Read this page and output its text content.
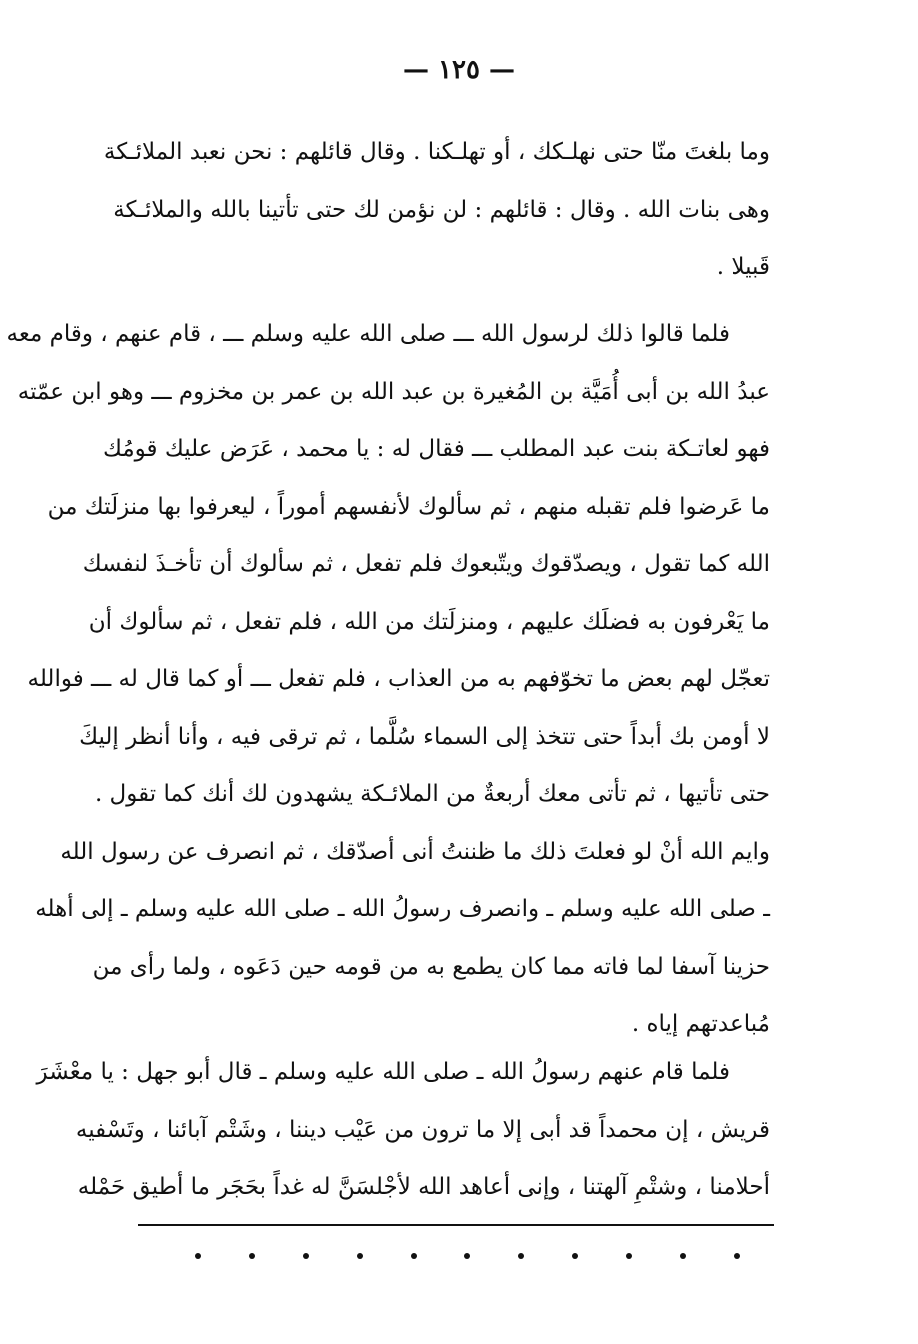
— ١٢٥ —
وما بلغتَ منّا حتى نهلـكك ، أو تهلـكنا . وقال قائلهم : نحن نعبد الملائـكة
وهى بنات الله . وقال : قائلهم : لن نؤمن لك حتى تأتينا بالله والملائـكة
قَبيلا .
فلما قالوا ذلك لرسول الله ـــ صلى الله عليه وسلم ـــ ، قام عنهم ، وقام معه
عبدُ الله بن أبى أُمَيَّة بن المُغيرة بن عبد الله بن عمر بن مخزوم ـــ وهو ابن عمّته
فهو لعاتـكة بنت عبد المطلب ـــ فقال له : يا محمد ، عَرَض عليك قومُك
ما عَرضوا فلم تقبله منهم ، ثم سألوك لأنفسهم أموراً ، ليعرفوا بها منزلَتك من
الله كما تقول ، ويصدّقوك ويتّبعوك فلم تفعل ، ثم سألوك أن تأخـذَ لنفسك
ما يَعْرفون به فضلَك عليهم ، ومنزلَتك من الله ، فلم تفعل ، ثم سألوك أن
تعجّل لهم بعض ما تخوّفهم به من العذاب ، فلم تفعل ـــ أو كما قال له ـــ فوالله
لا أومن بك أبداً حتى تتخذ إلى السماء سُلَّما ، ثم ترقى فيه ، وأنا أنظر إليكَ
حتى تأتيها ، ثم تأتى معك أربعةٌ من الملائـكة يشهدون لك أنك كما تقول .
وايم الله أنْ لو فعلتَ ذلك ما ظننتُ أنى أصدّقك ، ثم انصرف عن رسول الله
ـ صلى الله عليه وسلم ـ وانصرف رسولُ الله ـ صلى الله عليه وسلم ـ إلى أهله
حزينا آسفا لما فاته مما كان يطمع به من قومه حين دَعَوه ، ولما رأى من
مُباعدتهم إياه .
فلما قام عنهم رسولُ الله ـ صلى الله عليه وسلم ـ قال أبو جهل : يا معْشَرَ
قريش ، إن محمداً قد أبى إلا ما ترون من عَيْب ديننا ، وشَتْم آبائنا ، وتَسْفيه
أحلامنا ، وشتْمِ آلهتنا ، وإنى أعاهد الله لأجْلسَنَّ له غداً بحَجَر ما أطيق حَمْله
